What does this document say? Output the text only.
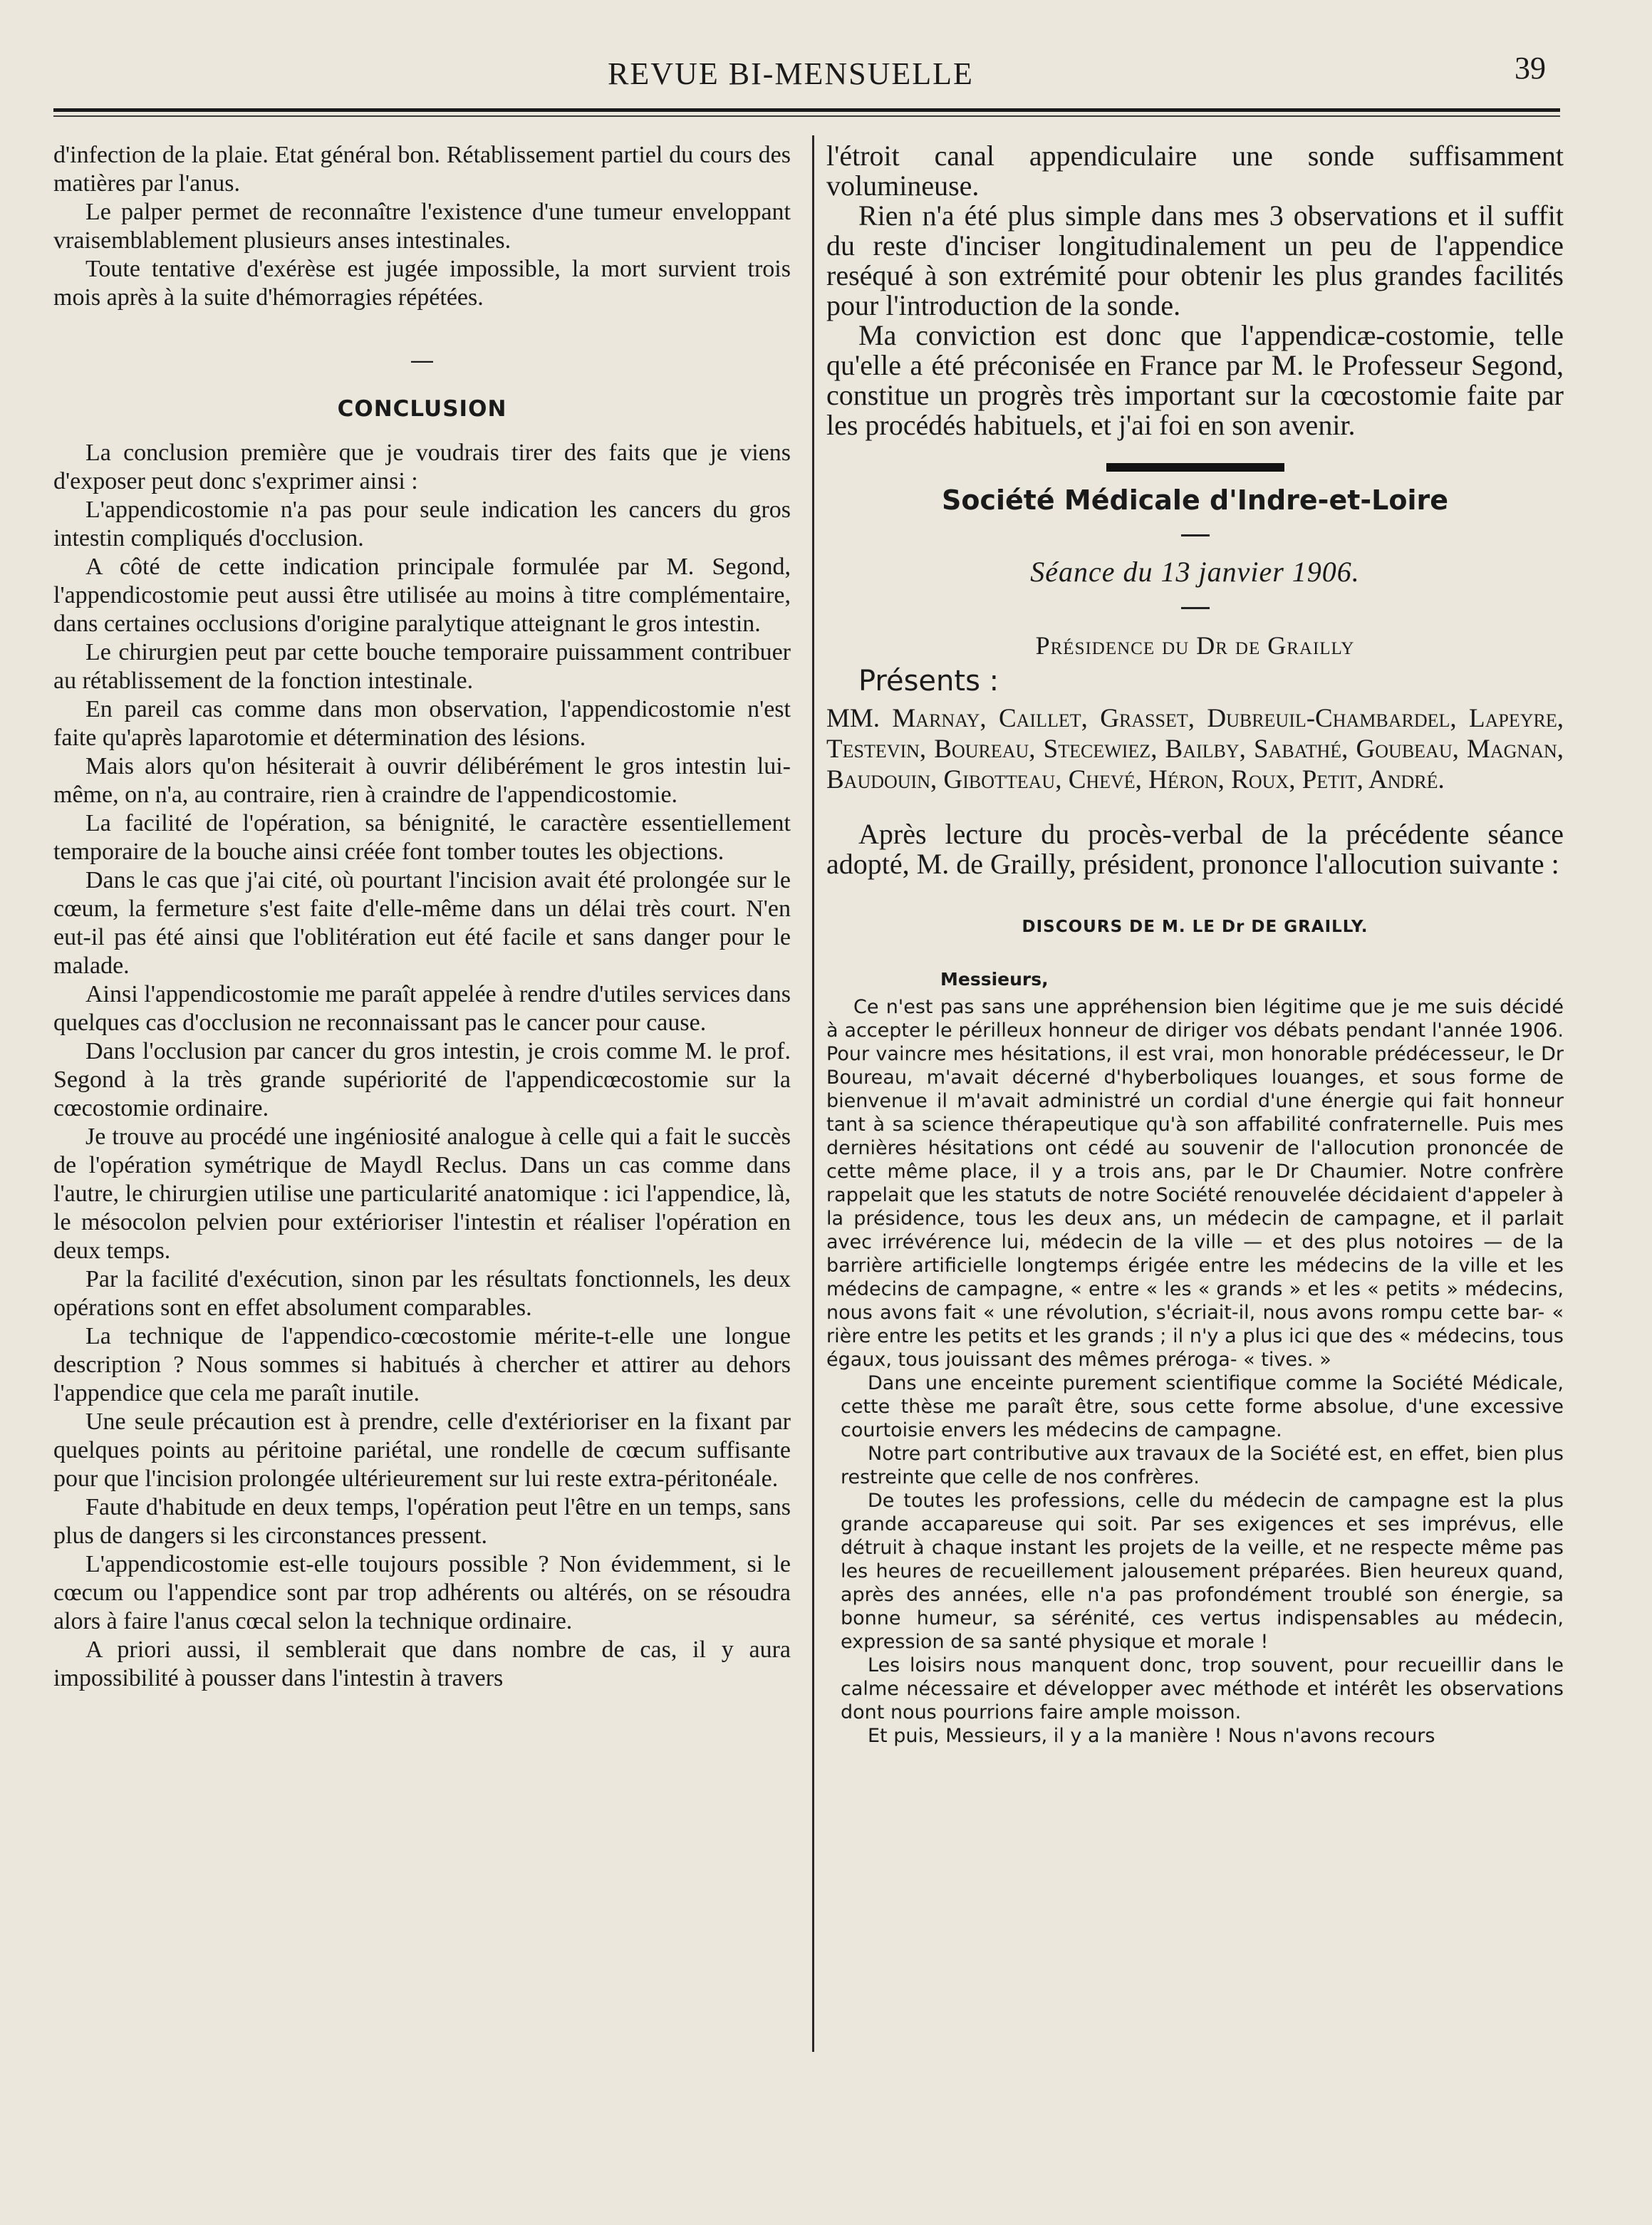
REVUE BI-MENSUELLE	39

d'infection de la plaie. Etat général bon. Rétablissement partiel du cours des matières par l'anus.

Le palper permet de reconnaître l'existence d'une tumeur enveloppant vraisemblablement plusieurs anses intestinales.

Toute tentative d'exérèse est jugée impossible, la mort survient trois mois après à la suite d'hémorragies répétées.

—
CONCLUSION

La conclusion première que je voudrais tirer des faits que je viens d'exposer peut donc s'exprimer ainsi :

L'appendicostomie n'a pas pour seule indication les cancers du gros intestin compliqués d'occlusion.

A côté de cette indication principale formulée par M. Segond, l'appendicostomie peut aussi être utilisée au moins à titre complémentaire, dans certaines occlusions d'origine paralytique atteignant le gros intestin.

Le chirurgien peut par cette bouche temporaire puissamment contribuer au rétablissement de la fonction intestinale.

En pareil cas comme dans mon observation, l'appendicostomie n'est faite qu'après laparotomie et détermination des lésions.

Mais alors qu'on hésiterait à ouvrir délibérément le gros intestin lui-même, on n'a, au contraire, rien à craindre de l'appendicostomie.

La facilité de l'opération, sa bénignité, le caractère essentiellement temporaire de la bouche ainsi créée font tomber toutes les objections.

Dans le cas que j'ai cité, où pourtant l'incision avait été prolongée sur le cœum, la fermeture s'est faite d'elle-même dans un délai très court. N'en eut-il pas été ainsi que l'oblitération eut été facile et sans danger pour le malade.

Ainsi l'appendicostomie me paraît appelée à rendre d'utiles services dans quelques cas d'occlusion ne reconnaissant pas le cancer pour cause.

Dans l'occlusion par cancer du gros intestin, je crois comme M. le prof. Segond à la très grande supériorité de l'appendicœcostomie sur la cœcostomie ordinaire.

Je trouve au procédé une ingéniosité analogue à celle qui a fait le succès de l'opération symétrique de Maydl Reclus. Dans un cas comme dans l'autre, le chirurgien utilise une particularité anatomique : ici l'appendice, là, le mésocolon pelvien pour extérioriser l'intestin et réaliser l'opération en deux temps.

Par la facilité d'exécution, sinon par les résultats fonctionnels, les deux opérations sont en effet absolument comparables.

La technique de l'appendico-cœcostomie mérite-t-elle une longue description ? Nous sommes si habitués à chercher et attirer au dehors l'appendice que cela me paraît inutile.

Une seule précaution est à prendre, celle d'extérioriser en la fixant par quelques points au péritoine pariétal, une rondelle de cœcum suffisante pour que l'incision prolongée ultérieurement sur lui reste extra-péritonéale.

Faute d'habitude en deux temps, l'opération peut l'être en un temps, sans plus de dangers si les circonstances pressent.

L'appendicostomie est-elle toujours possible ? Non évidemment, si le cœcum ou l'appendice sont par trop adhérents ou altérés, on se résoudra alors à faire l'anus cœcal selon la technique ordinaire.

A priori aussi, il semblerait que dans nombre de cas, il y aura impossibilité à pousser dans l'intestin à travers

l'étroit canal appendiculaire une sonde suffisamment volumineuse.

Rien n'a été plus simple dans mes 3 observations et il suffit du reste d'inciser longitudinalement un peu de l'appendice reséqué à son extrémité pour obtenir les plus grandes facilités pour l'introduction de la sonde.

Ma conviction est donc que l'appendicæ-costomie, telle qu'elle a été préconisée en France par M. le Professeur Segond, constitue un progrès très important sur la cœcostomie faite par les procédés habituels, et j'ai foi en son avenir.

Société Médicale d'Indre-et-Loire
Séance du 13 janvier 1906.
Présidence du Dr de Grailly
Présents :

MM. Marnay, Caillet, Grasset, Dubreuil-Chambardel, Lapeyre, Testevin, Boureau, Stecewiez, Bailby, Sabathé, Goubeau, Magnan, Baudouin, Gibotteau, Chevé, Héron, Roux, Petit, André.

Après lecture du procès-verbal de la précédente séance adopté, M. de Grailly, président, prononce l'allocution suivante :

DISCOURS DE M. LE Dr DE GRAILLY.

Messieurs,

Ce n'est pas sans une appréhension bien légitime que je me suis décidé à accepter le périlleux honneur de diriger vos débats pendant l'année 1906. Pour vaincre mes hésitations, il est vrai, mon honorable prédécesseur, le Dr Boureau, m'avait décerné d'hyberboliques louanges, et sous forme de bienvenue il m'avait administré un cordial d'une énergie qui fait honneur tant à sa science thérapeutique qu'à son affabilité confraternelle. Puis mes dernières hésitations ont cédé au souvenir de l'allocution prononcée de cette même place, il y a trois ans, par le Dr Chaumier. Notre confrère rappelait que les statuts de notre Société renouvelée décidaient d'appeler à la présidence, tous les deux ans, un médecin de campagne, et il parlait avec irrévérence lui, médecin de la ville — et des plus notoires — de la barrière artificielle longtemps érigée entre les médecins de la ville et les médecins de campagne, « entre « les « grands » et les « petits » médecins, nous avons fait « une révolution, s'écriait-il, nous avons rompu cette bar- « rière entre les petits et les grands ; il n'y a plus ici que des « médecins, tous égaux, tous jouissant des mêmes préroga- « tives. »

Dans une enceinte purement scientifique comme la Société Médicale, cette thèse me paraît être, sous cette forme absolue, d'une excessive courtoisie envers les médecins de campagne.

Notre part contributive aux travaux de la Société est, en effet, bien plus restreinte que celle de nos confrères.

De toutes les professions, celle du médecin de campagne est la plus grande accapareuse qui soit. Par ses exigences et ses imprévus, elle détruit à chaque instant les projets de la veille, et ne respecte même pas les heures de recueillement jalousement préparées. Bien heureux quand, après des années, elle n'a pas profondément troublé son énergie, sa bonne humeur, sa sérénité, ces vertus indispensables au médecin, expression de sa santé physique et morale !

Les loisirs nous manquent donc, trop souvent, pour recueillir dans le calme nécessaire et développer avec méthode et intérêt les observations dont nous pourrions faire ample moisson.

Et puis, Messieurs, il y a la manière ! Nous n'avons recours
